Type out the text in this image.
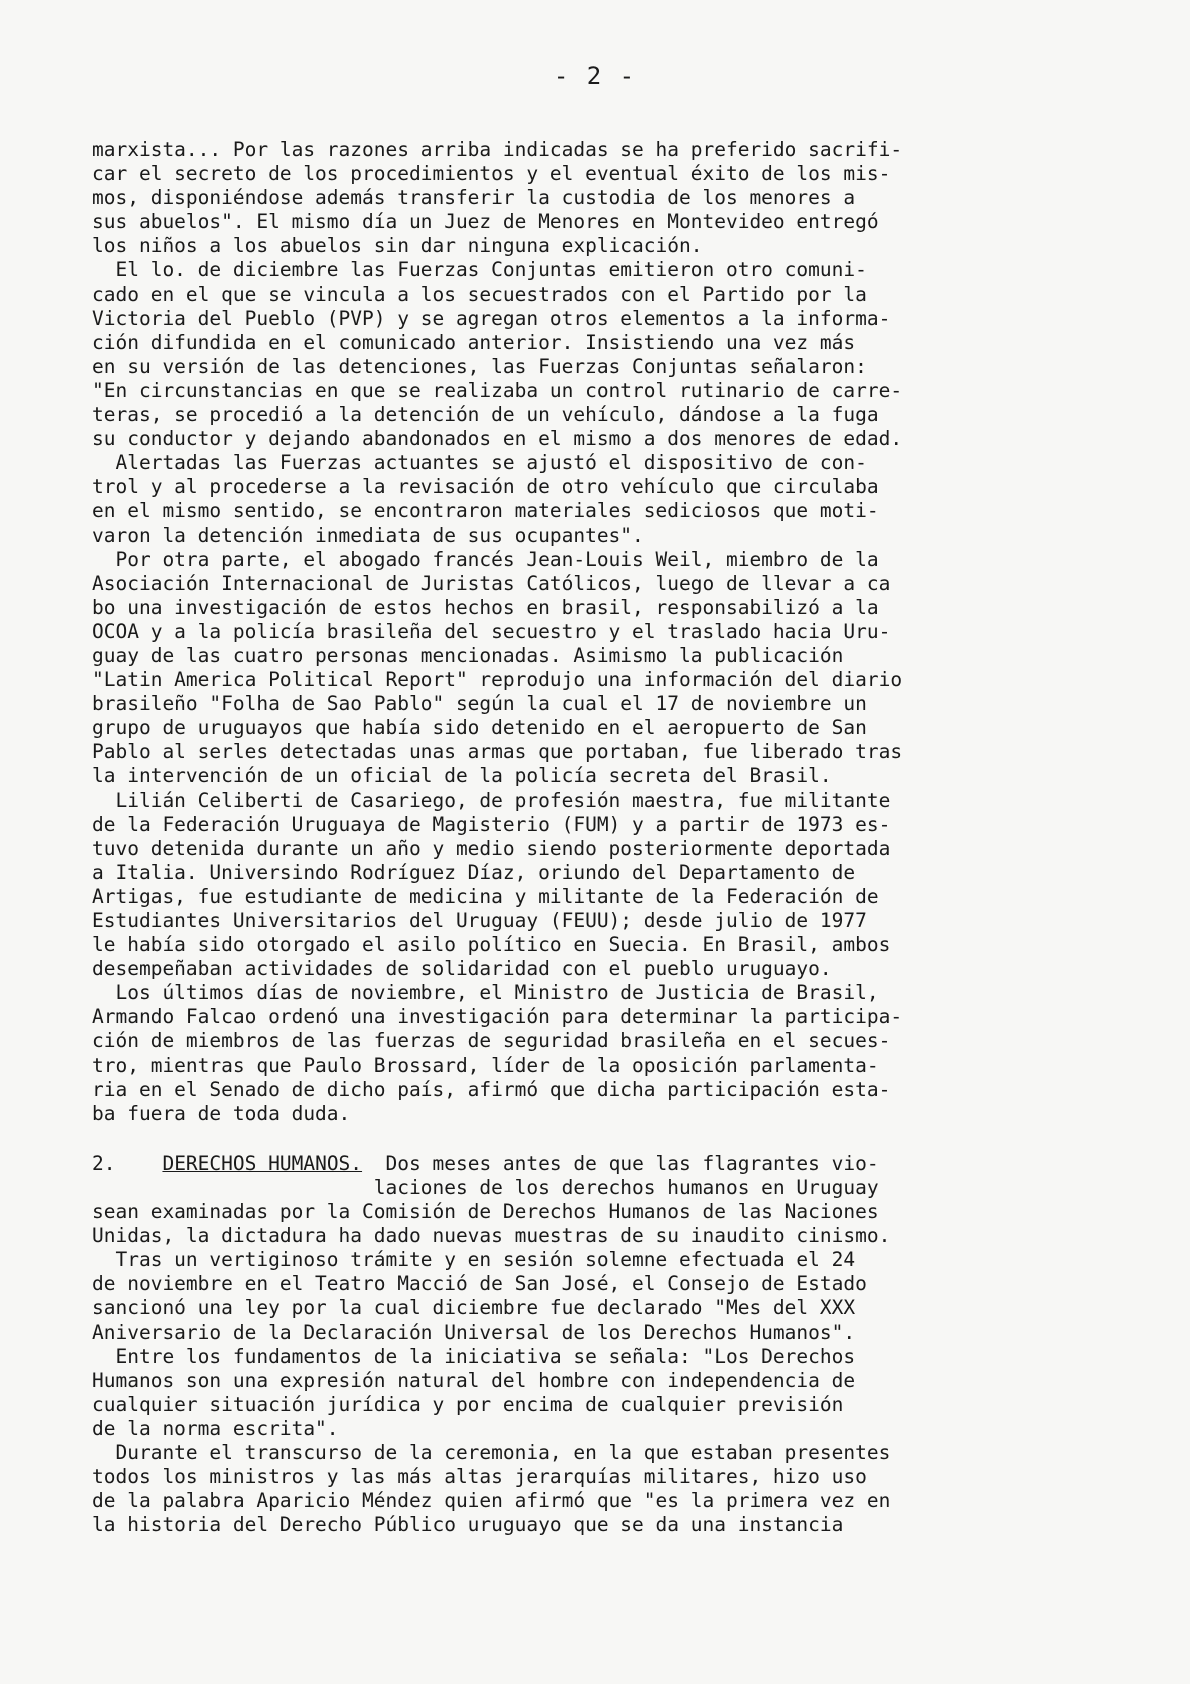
- 2 -
marxista... Por las razones arriba indicadas se ha preferido sacrifi-
car el secreto de los procedimientos y el eventual éxito de los mis-
mos, disponiéndose además transferir la custodia de los menores a
sus abuelos". El mismo día un Juez de Menores en Montevideo entregó
los niños a los abuelos sin dar ninguna explicación.
El lo. de diciembre las Fuerzas Conjuntas emitieron otro comuni-
cado en el que se vincula a los secuestrados con el Partido por la
Victoria del Pueblo (PVP) y se agregan otros elementos a la informa-
ción difundida en el comunicado anterior. Insistiendo una vez más
en su versión de las detenciones, las Fuerzas Conjuntas señalaron:
"En circunstancias en que se realizaba un control rutinario de carre-
teras, se procedió a la detención de un vehículo, dándose a la fuga
su conductor y dejando abandonados en el mismo a dos menores de edad.
Alertadas las Fuerzas actuantes se ajustó el dispositivo de con-
trol y al procederse a la revisación de otro vehículo que circulaba
en el mismo sentido, se encontraron materiales sediciosos que moti-
varon la detención inmediata de sus ocupantes".
Por otra parte, el abogado francés Jean-Louis Weil, miembro de la
Asociación Internacional de Juristas Católicos, luego de llevar a ca
bo una investigación de estos hechos en brasil, responsabilizó a la
OCOA y a la policía brasileña del secuestro y el traslado hacia Uru-
guay de las cuatro personas mencionadas. Asimismo la publicación
"Latin America Political Report" reprodujo una información del diario
brasileño "Folha de Sao Pablo" según la cual el 17 de noviembre un
grupo de uruguayos que había sido detenido en el aeropuerto de San
Pablo al serles detectadas unas armas que portaban, fue liberado tras
la intervención de un oficial de la policía secreta del Brasil.
Lilián Celiberti de Casariego, de profesión maestra, fue militante
de la Federación Uruguaya de Magisterio (FUM) y a partir de 1973 es-
tuvo detenida durante un año y medio siendo posteriormente deportada
a Italia. Universindo Rodríguez Díaz, oriundo del Departamento de
Artigas, fue estudiante de medicina y militante de la Federación de
Estudiantes Universitarios del Uruguay (FEUU); desde julio de 1977
le había sido otorgado el asilo político en Suecia. En Brasil, ambos
desempeñaban actividades de solidaridad con el pueblo uruguayo.
Los últimos días de noviembre, el Ministro de Justicia de Brasil,
Armando Falcao ordenó una investigación para determinar la participa-
ción de miembros de las fuerzas de seguridad brasileña en el secues-
tro, mientras que Paulo Brossard, líder de la oposición parlamenta-
ria en el Senado de dicho país, afirmó que dicha participación esta-
ba fuera de toda duda.
2. DERECHOS HUMANOS.  Dos meses antes de que las flagrantes vio-
laciones de los derechos humanos en Uruguay
sean examinadas por la Comisión de Derechos Humanos de las Naciones
Unidas, la dictadura ha dado nuevas muestras de su inaudito cinismo.
Tras un vertiginoso trámite y en sesión solemne efectuada el 24
de noviembre en el Teatro Macció de San José, el Consejo de Estado
sancionó una ley por la cual diciembre fue declarado "Mes del XXX
Aniversario de la Declaración Universal de los Derechos Humanos".
Entre los fundamentos de la iniciativa se señala: "Los Derechos
Humanos son una expresión natural del hombre con independencia de
cualquier situación jurídica y por encima de cualquier previsión
de la norma escrita".
Durante el transcurso de la ceremonia, en la que estaban presentes
todos los ministros y las más altas jerarquías militares, hizo uso
de la palabra Aparicio Méndez quien afirmó que "es la primera vez en
la historia del Derecho Público uruguayo que se da una instancia
